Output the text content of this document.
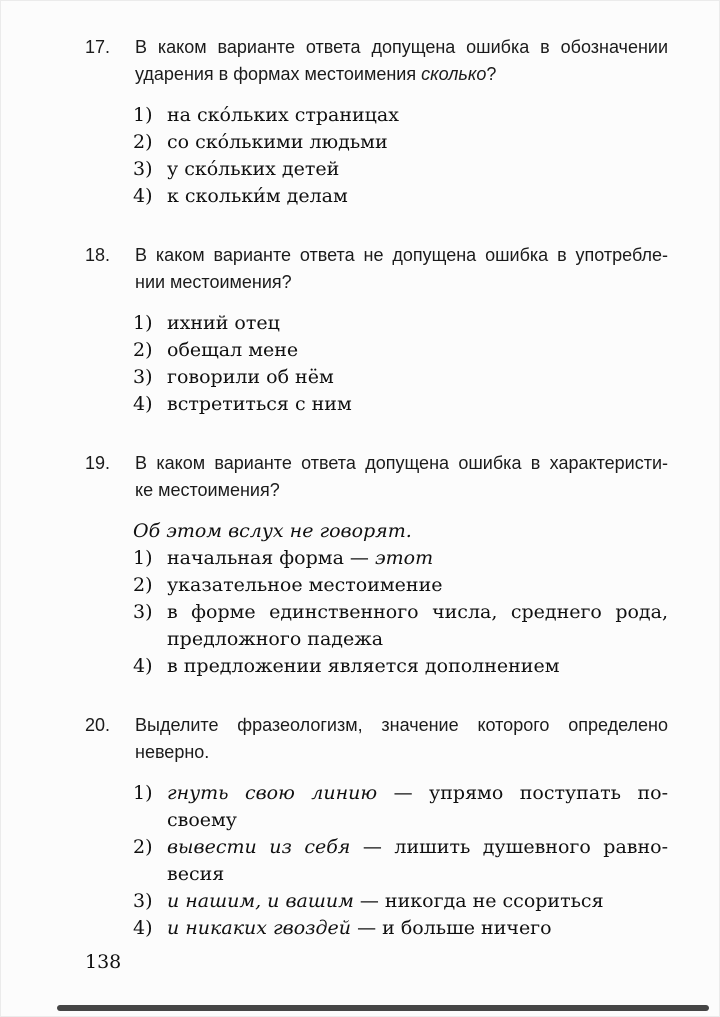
17.	В каком варианте ответа допущена ошибка в обозначении
ударения в формах местоимения сколько?
1) на ско́льких страницах
2) со ско́лькими людьми
3) у ско́льких детей
4) к скольки́м делам
18.	В каком варианте ответа не допущена ошибка в употребле-
нии местоимения?
1) ихний отец
2) обещал мене
3) говорили об нём
4) встретиться с ним
19.	В каком варианте ответа допущена ошибка в характеристи-
ке местоимения?
Об этом вслух не говорят.
1) начальная форма — этот
2) указательное местоимение
3) в форме единственного числа, среднего рода,
предложного падежа
4) в предложении является дополнением
20.	Выделите фразеологизм, значение которого определено
неверно.
1) гнуть свою линию — упрямо поступать по-
своему
2) вывести из себя — лишить душевного равно-
весия
3) и нашим, и вашим — никогда не ссориться
4) и никаких гвоздей — и больше ничего
138
